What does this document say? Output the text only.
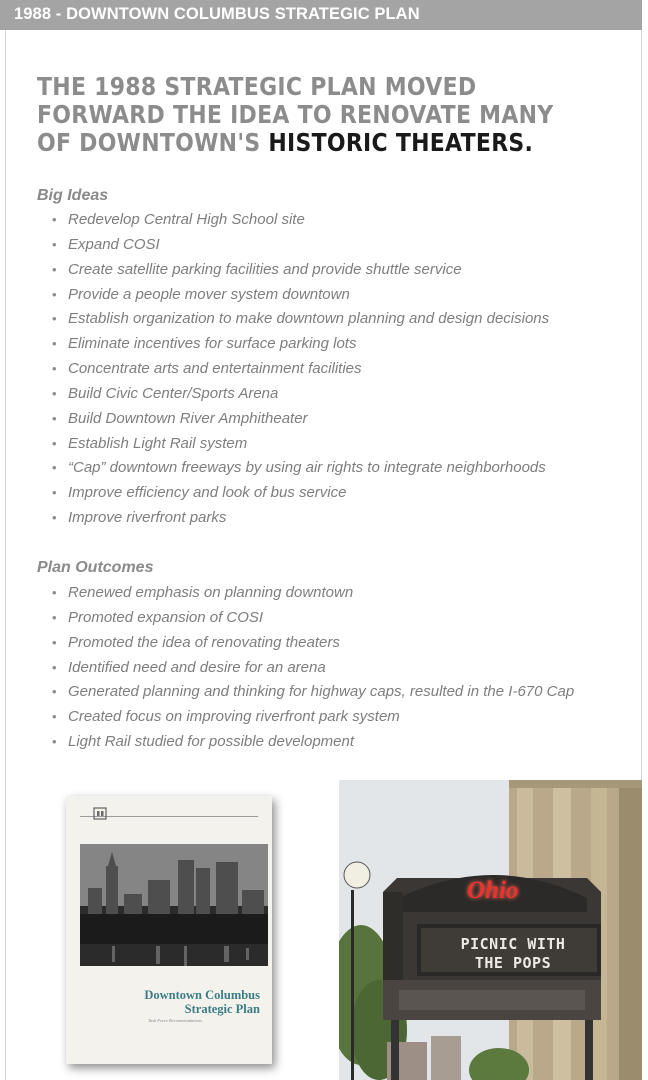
1988 - DOWNTOWN COLUMBUS STRATEGIC PLAN
THE 1988 STRATEGIC PLAN MOVED FORWARD THE IDEA TO RENOVATE MANY OF DOWNTOWN'S HISTORIC THEATERS.
Big Ideas
• Redevelop Central High School site
• Expand COSI
• Create satellite parking facilities and provide shuttle service
• Provide a people mover system downtown
• Establish organization to make downtown planning and design decisions
• Eliminate incentives for surface parking lots
• Concentrate arts and entertainment facilities
• Build Civic Center/Sports Arena
• Build Downtown River Amphitheater
• Establish Light Rail system
• “Cap” downtown freeways by using air rights to integrate neighborhoods
• Improve efficiency and look of bus service
• Improve riverfront parks
Plan Outcomes
• Renewed emphasis on planning downtown
• Promoted expansion of COSI
• Promoted the idea of renovating theaters
• Identified need and desire for an arena
• Generated planning and thinking for highway caps, resulted in the I-670 Cap
• Created focus on improving riverfront park system
• Light Rail studied for possible development
Downtown Columbus
Strategic Plan
Task Force Recommendations
Ohio
PICNIC WITH
THE POPS
